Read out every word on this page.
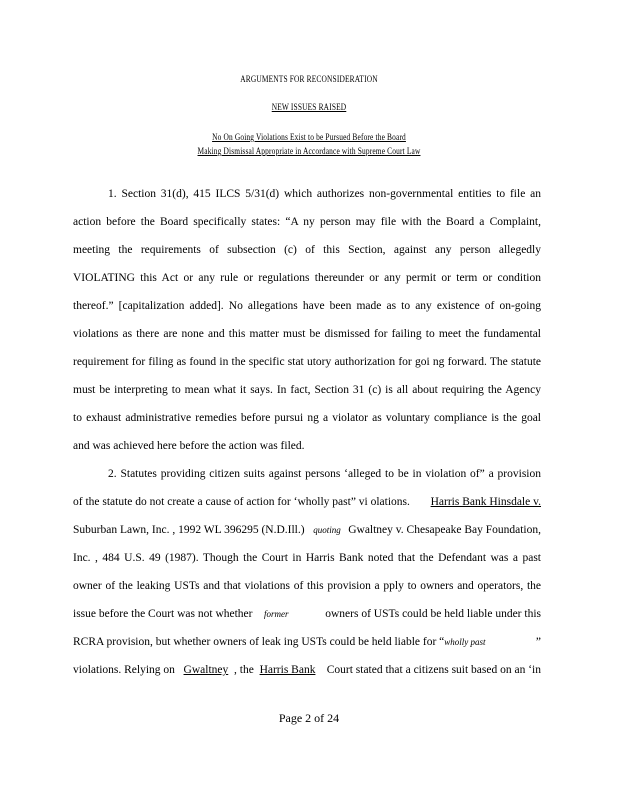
ARGUMENTS FOR RECONSIDERATION
NEW ISSUES RAISED
No On Going Violations Exist to be Pursued Before the Board
Making Dismissal Appropriate in Accordance with Supreme Court Law
1. Section 31(d), 415 ILCS 5/31(d) which authorizes non-governmental entities to file an
action before the Board specifically states: “A ny person may file with the Board a Complaint,
meeting the requirements of subsection (c) of this Section, against any person allegedly
VIOLATING this Act or any rule or regulations thereunder or any permit or term or condition
thereof.” [capitalization added]. No allegations have been made as to any existence of on-going
violations as there are none and this matter must be dismissed for failing to meet the fundamental
requirement for filing as found in the specific stat utory authorization for goi ng forward. The statute
must be interpreting to mean what it says. In fact, Section 31 (c) is all about requiring the Agency
to exhaust administrative remedies before pursui ng a violator as voluntary compliance is the goal
and was achieved here before the action was filed.
2. Statutes providing citizen suits against persons ‘alleged to be in violation of” a provision
of the statute do not create a cause of action for ‘wholly past” vi olations. Harris Bank Hinsdale v.
Suburban Lawn, Inc. , 1992 WL 396295 (N.D.Ill.) quoting Gwaltney v. Chesapeake Bay Foundation,
Inc. , 484 U.S. 49 (1987). Though the Court in Harris Bank noted that the Defendant was a past
owner of the leaking USTs and that violations of this provision a pply to owners and operators, the
issue before the Court was not whether former	owners of USTs could be held liable under this
RCRA provision, but whether owners of leak ing USTs could be held liable for “wholly past	”
violations. Relying on Gwaltney , the Harris Bank Court stated that a citizens suit based on an ‘in
Page 2 of 24
